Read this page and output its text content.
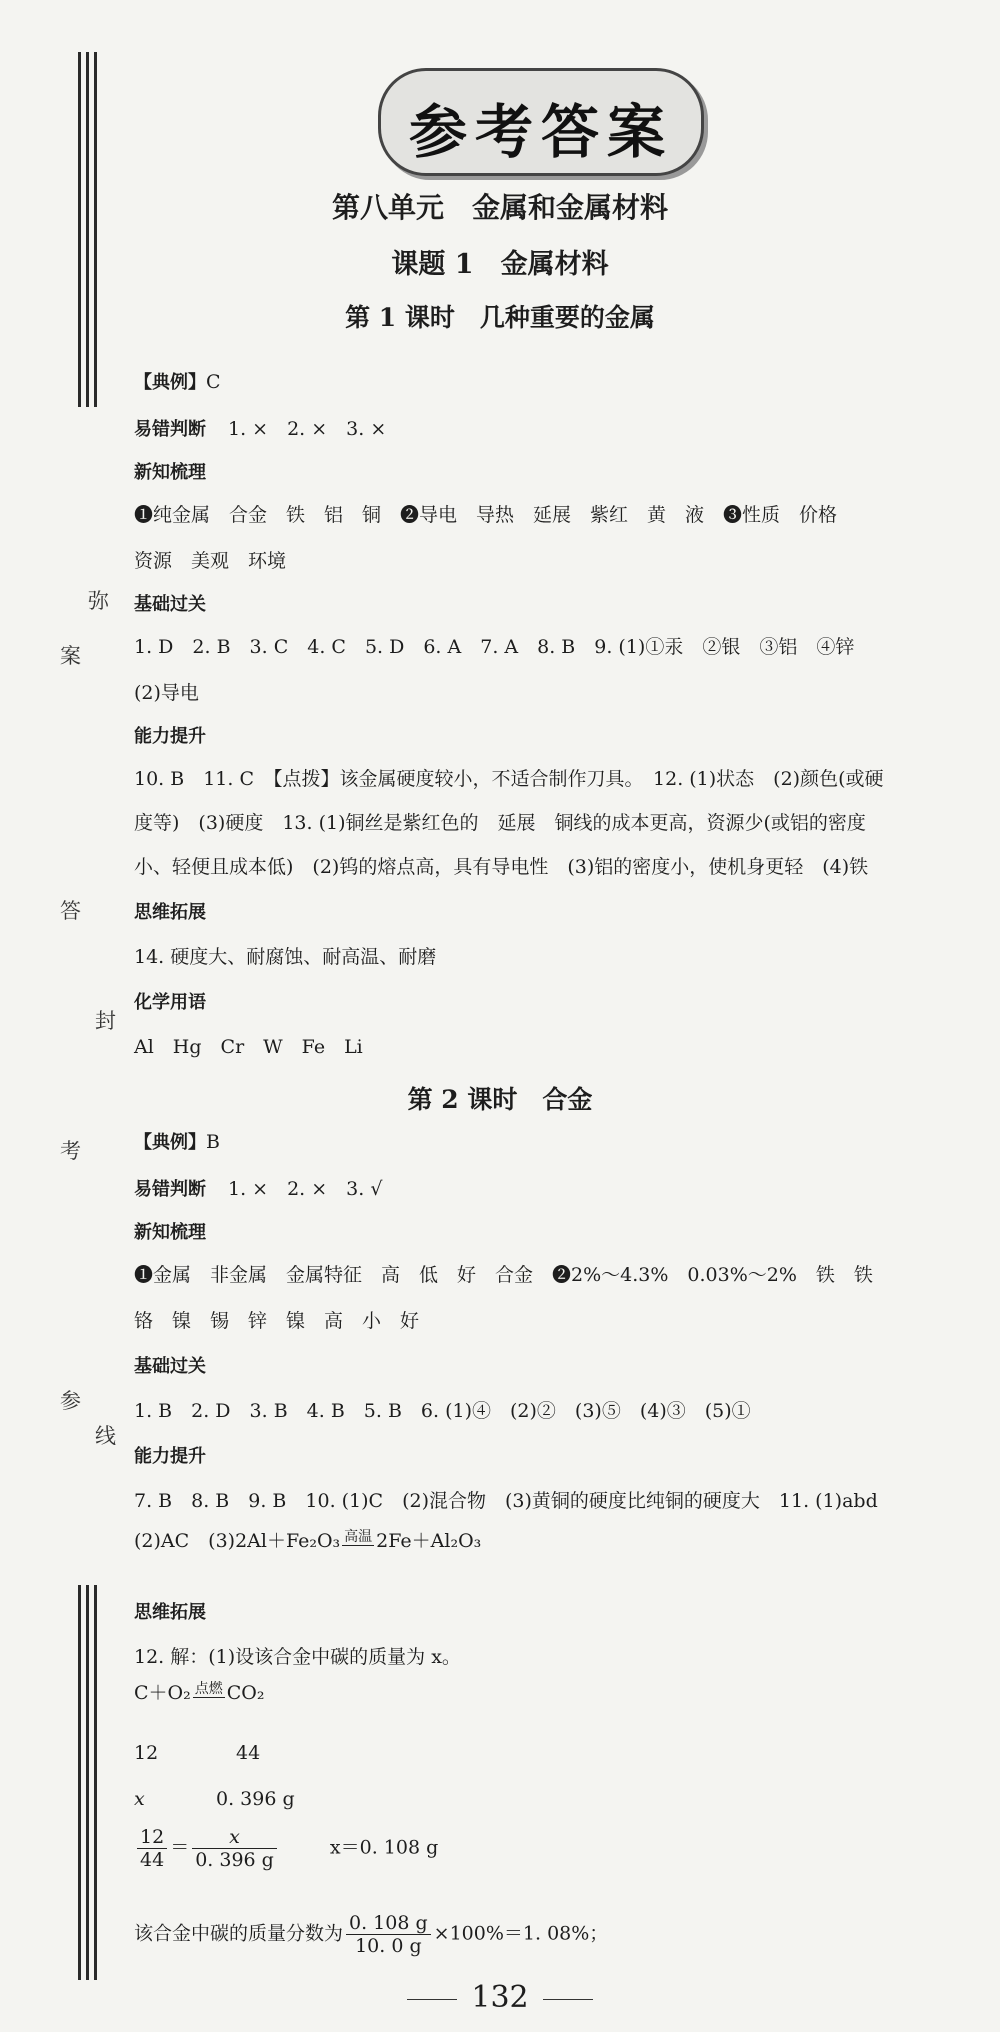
弥
案
答
封
考
参
线
参考答案
第八单元　金属和金属材料
课题 1　金属材料
第 1 课时　几种重要的金属
【典例】C
易错判断 1. ×　2. ×　3. ×
新知梳理
❶纯金属　合金　铁　铝　铜　❷导电　导热　延展　紫红　黄　液　❸性质　价格
资源　美观　环境
基础过关
1. D　2. B　3. C　4. C　5. D　6. A　7. A　8. B　9. (1)①汞　②银　③铝　④锌
(2)导电
能力提升
10. B　11. C　【点拨】该金属硬度较小，不适合制作刀具。　12. (1)状态　(2)颜色(或硬
度等)　(3)硬度　13. (1)铜丝是紫红色的　延展　铜线的成本更高，资源少(或铝的密度
小、轻便且成本低)　(2)钨的熔点高，具有导电性　(3)铝的密度小，使机身更轻　(4)铁
思维拓展
14. 硬度大、耐腐蚀、耐高温、耐磨
化学用语
Al　Hg　Cr　W　Fe　Li
第 2 课时　合金
【典例】B
易错判断 1. ×　2. ×　3. √
新知梳理
❶金属　非金属　金属特征　高　低　好　合金　❷2%～4.3%　0.03%～2%　铁　铁
铬　镍　锡　锌　镍　高　小　好
基础过关
1. B　2. D　3. B　4. B　5. B　6. (1)④　(2)②　(3)⑤　(4)③　(5)①
能力提升
7. B　8. B　9. B　10. (1)C　(2)混合物　(3)黄铜的硬度比纯铜的硬度大　11. (1)abd
(2)AC　(3)2Al＋Fe₂O₃ 高温 2Fe＋Al₂O₃
思维拓展
12. 解：(1)设该合金中碳的质量为 x。
C＋O₂ 点燃 CO₂
12	44
x	0. 396 g
$\frac{12}{44} = \frac{x}{0. 396 g}$	x＝0. 108 g
该合金中碳的质量分数为 $\frac{0. 108 g}{10. 0 g} \times 100\%=1$. 08%；
132
